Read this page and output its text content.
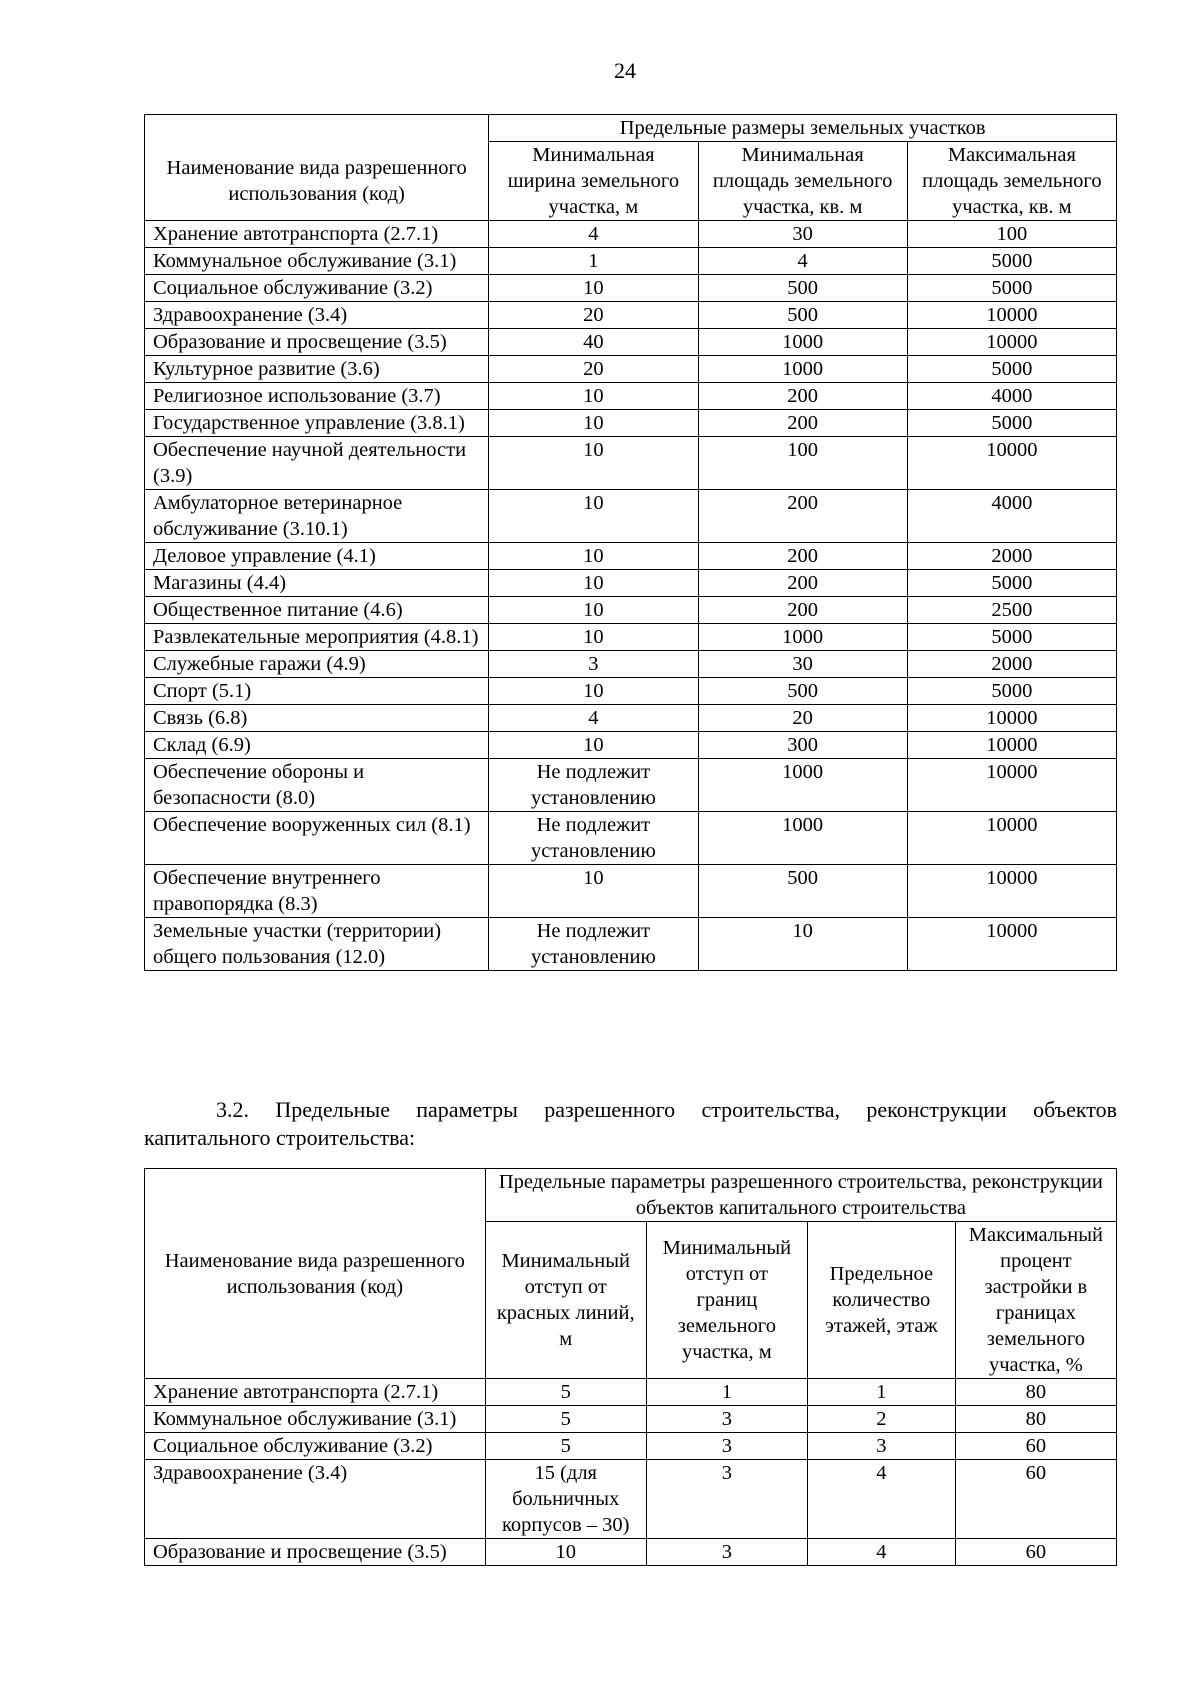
24
Наименование вида разрешенного использования (код)	Предельные размеры земельных участков		
	Минимальная ширина земельного участка, м	Минимальная площадь земельного участка, кв. м	Максимальная площадь земельного участка, кв. м
Хранение автотранспорта (2.7.1)	4	30	100
Коммунальное обслуживание (3.1)	1	4	5000
Социальное обслуживание (3.2)	10	500	5000
Здравоохранение (3.4)	20	500	10000
Образование и просвещение (3.5)	40	1000	10000
Культурное развитие (3.6)	20	1000	5000
Религиозное использование (3.7)	10	200	4000
Государственное управление (3.8.1)	10	200	5000
Обеспечение научной деятельности (3.9)	10	100	10000
Амбулаторное ветеринарное обслуживание (3.10.1)	10	200	4000
Деловое управление (4.1)	10	200	2000
Магазины (4.4)	10	200	5000
Общественное питание (4.6)	10	200	2500
Развлекательные мероприятия (4.8.1)	10	1000	5000
Служебные гаражи (4.9)	3	30	2000
Спорт (5.1)	10	500	5000
Связь (6.8)	4	20	10000
Склад (6.9)	10	300	10000
Обеспечение обороны и безопасности (8.0)	Не подлежит установлению	1000	10000
Обеспечение вооруженных сил (8.1)	Не подлежит установлению	1000	10000
Обеспечение внутреннего правопорядка (8.3)	10	500	10000
Земельные участки (территории) общего пользования (12.0)	Не подлежит установлению	10	10000
3.2. Предельные параметры разрешенного строительства, реконструкции объектов капитального строительства:
Наименование вида разрешенного использования (код)	Предельные параметры разрешенного строительства, реконструкции объектов капитального строительства			
	Минимальный отступ от красных линий, м	Минимальный отступ от границ земельного участка, м	Предельное количество этажей, этаж	Максимальный процент застройки в границах земельного участка, %
Хранение автотранспорта (2.7.1)	5	1	1	80
Коммунальное обслуживание (3.1)	5	3	2	80
Социальное обслуживание (3.2)	5	3	3	60
Здравоохранение (3.4)	15 (для больничных корпусов – 30)	3	4	60
Образование и просвещение (3.5)	10	3	4	60
